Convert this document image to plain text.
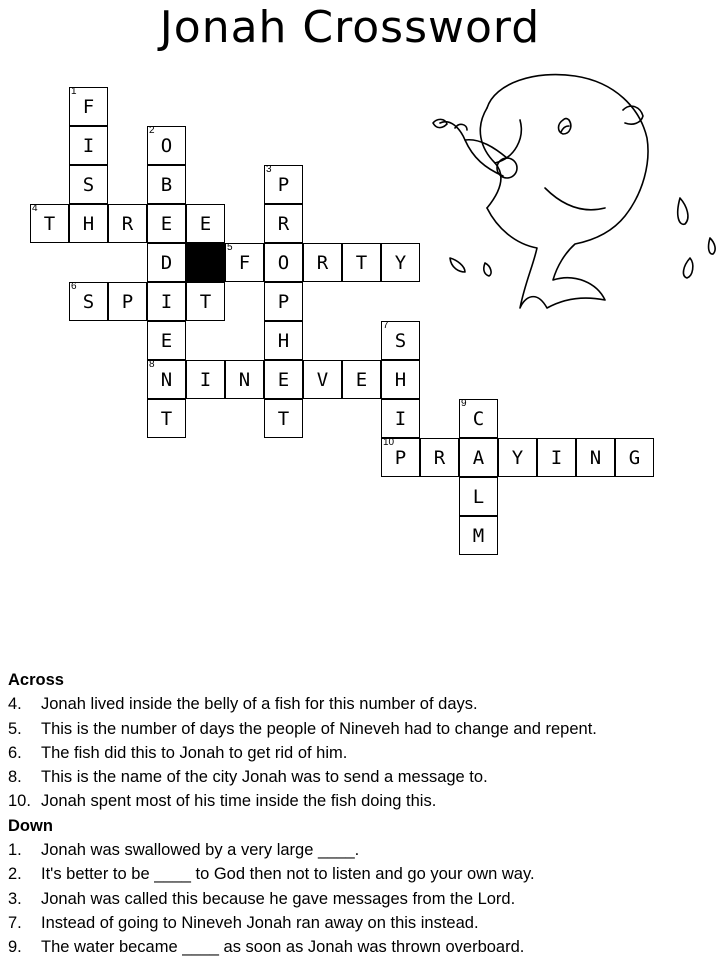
Jonah Crossword
1
F
I
S
H
2
O
B
E
D
I
E
8
N
T
3
P
R
O
P
H
E
T
4
T	R	E
5
F	R	T	Y
6
S	P	T
7
S
H
I
10
P
I	N	V	E
9
C
A
L
M
R	Y	I	N	G
Across
4.	Jonah lived inside the belly of a fish for this number of days.
5.	This is the number of days the people of Nineveh had to change and repent.
6.	The fish did this to Jonah to get rid of him.
8.	This is the name of the city Jonah was to send a message to.
10. Jonah spent most of his time inside the fish doing this.
Down
1.	Jonah was swallowed by a very large ____.
2.	It's better to be ____ to God then not to listen and go your own way.
3.	Jonah was called this because he gave messages from the Lord.
7.	Instead of going to Nineveh Jonah ran away on this instead.
9.	The water became ____ as soon as Jonah was thrown overboard.
